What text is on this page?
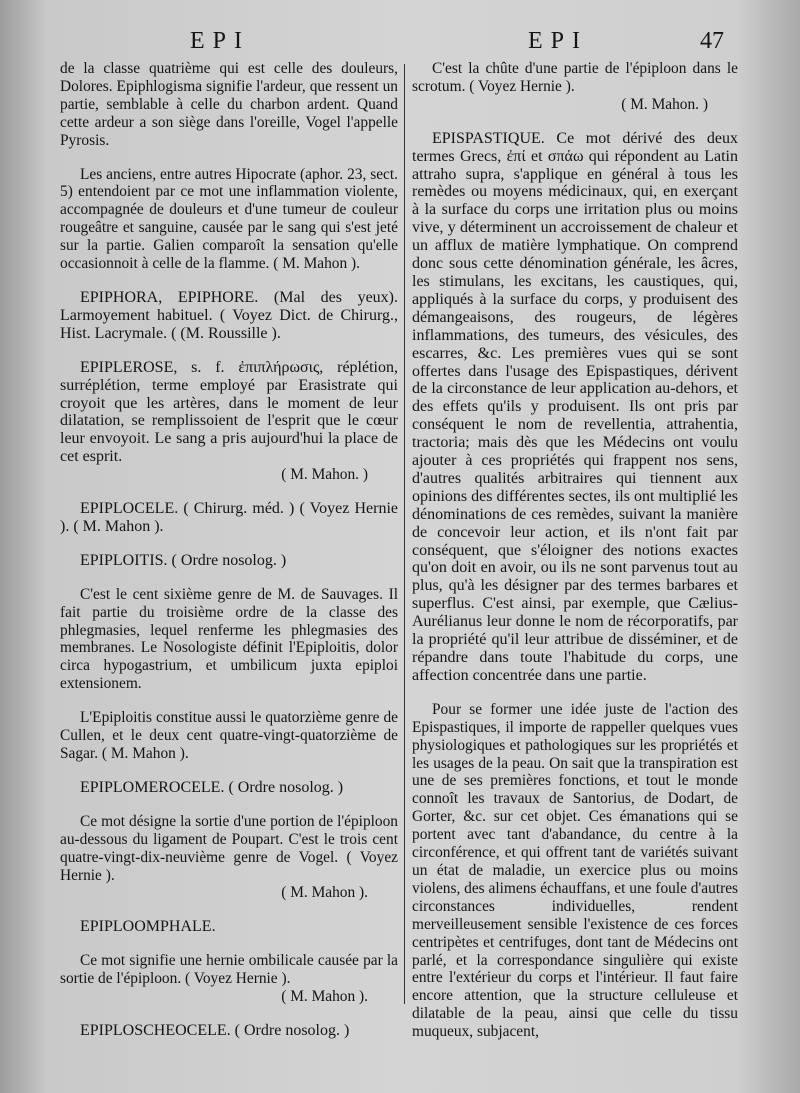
EPI	EPI	47

de la classe quatrième qui est celle des douleurs, Dolores. Epiphlogisma signifie l'ardeur, que ressent un partie, semblable à celle du charbon ardent. Quand cette ardeur a son siège dans l'oreille, Vogel l'appelle Pyrosis.

Les anciens, entre autres Hipocrate (aphor. 23, sect. 5) entendoient par ce mot une inflammation violente, accompagnée de douleurs et d'une tumeur de couleur rougeâtre et sanguine, causée par le sang qui s'est jeté sur la partie. Galien comparoît la sensation qu'elle occasionnoit à celle de la flamme. ( M. Mahon ).

EPIPHORA, EPIPHORE. (Mal des yeux). Larmoyement habituel. ( Voyez Dict. de Chirurg., Hist. Lacrymale. ( (M. Roussille ).

EPIPLEROSE, s. f. ἐπιπλήρωσις, réplétion, surréplétion, terme employé par Erasistrate qui croyoit que les artères, dans le moment de leur dilatation, se remplissoient de l'esprit que le cœur leur envoyoit. Le sang a pris aujourd'hui la place de cet esprit.

( M. Mahon. )

EPIPLOCELE. ( Chirurg. méd. ) ( Voyez Hernie ). ( M. Mahon ).

EPIPLOITIS. ( Ordre nosolog. )

C'est le cent sixième genre de M. de Sauvages. Il fait partie du troisième ordre de la classe des phlegmasies, lequel renferme les phlegmasies des membranes. Le Nosologiste définit l'Epiploitis, dolor circa hypogastrium, et umbilicum juxta epiploi extensionem.

L'Epiploitis constitue aussi le quatorzième genre de Cullen, et le deux cent quatre-vingt-quatorzième de Sagar. ( M. Mahon ).

EPIPLOMEROCELE. ( Ordre nosolog. )

Ce mot désigne la sortie d'une portion de l'épiploon au-dessous du ligament de Poupart. C'est le trois cent quatre-vingt-dix-neuvième genre de Vogel. ( Voyez Hernie ).

( M. Mahon ).

EPIPLOOMPHALE.

Ce mot signifie une hernie ombilicale causée par la sortie de l'épiploon. ( Voyez Hernie ).

( M. Mahon ).

EPIPLOSCHEOCELE. ( Ordre nosolog. )

C'est la chûte d'une partie de l'épiploon dans le scrotum. ( Voyez Hernie ).

( M. Mahon. )

EPISPASTIQUE. Ce mot dérivé des deux termes Grecs, ἐπί et σπάω qui répondent au Latin attraho supra, s'applique en général à tous les remèdes ou moyens médicinaux, qui, en exerçant à la surface du corps une irritation plus ou moins vive, y déterminent un accroissement de chaleur et un afflux de matière lymphatique. On comprend donc sous cette dénomination générale, les âcres, les stimulans, les excitans, les caustiques, qui, appliqués à la surface du corps, y produisent des démangeaisons, des rougeurs, de légères inflammations, des tumeurs, des vésicules, des escarres, &c. Les premières vues qui se sont offertes dans l'usage des Epispastiques, dérivent de la circonstance de leur application au-dehors, et des effets qu'ils y produisent. Ils ont pris par conséquent le nom de revellentia, attrahentia, tractoria; mais dès que les Médecins ont voulu ajouter à ces propriétés qui frappent nos sens, d'autres qualités arbitraires qui tiennent aux opinions des différentes sectes, ils ont multiplié les dénominations de ces remèdes, suivant la manière de concevoir leur action, et ils n'ont fait par conséquent, que s'éloigner des notions exactes qu'on doit en avoir, ou ils ne sont parvenus tout au plus, qu'à les désigner par des termes barbares et superflus. C'est ainsi, par exemple, que Cælius-Aurélianus leur donne le nom de récorporatifs, par la propriété qu'il leur attribue de disséminer, et de répandre dans toute l'habitude du corps, une affection concentrée dans une partie.

Pour se former une idée juste de l'action des Epispastiques, il importe de rappeller quelques vues physiologiques et pathologiques sur les propriétés et les usages de la peau. On sait que la transpiration est une de ses premières fonctions, et tout le monde connoît les travaux de Santorius, de Dodart, de Gorter, &c. sur cet objet. Ces émanations qui se portent avec tant d'abandance, du centre à la circonférence, et qui offrent tant de variétés suivant un état de maladie, un exercice plus ou moins violens, des alimens échauffans, et une foule d'autres circonstances individuelles, rendent merveilleusement sensible l'existence de ces forces centripètes et centrifuges, dont tant de Médecins ont parlé, et la correspondance singulière qui existe entre l'extérieur du corps et l'intérieur. Il faut faire encore attention, que la structure celluleuse et dilatable de la peau, ainsi que celle du tissu muqueux, subjacent,
